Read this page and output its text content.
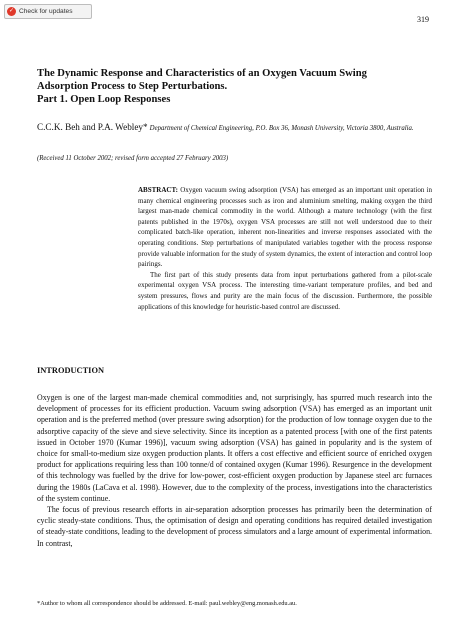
✓ Check for updates
319
The Dynamic Response and Characteristics of an Oxygen Vacuum Swing
Adsorption Process to Step Perturbations.
Part 1. Open Loop Responses
C.C.K. Beh and P.A. Webley* Department of Chemical Engineering, P.O. Box 36, Monash University, Victoria 3800, Australia.
(Received 11 October 2002; revised form accepted 27 February 2003)

ABSTRACT: Oxygen vacuum swing adsorption (VSA) has emerged as an important unit operation in many chemical engineering processes such as iron and aluminium smelting, making oxygen the third largest man-made chemical commodity in the world. Although a mature technology (with the first patents published in the 1970s), oxygen VSA processes are still not well understood due to their complicated batch-like operation, inherent non-linearities and inverse responses associated with the operating conditions. Step perturbations of manipulated variables together with the process response provide valuable information for the study of system dynamics, the extent of interaction and control loop pairings.

The first part of this study presents data from input perturbations gathered from a pilot-scale experimental oxygen VSA process. The interesting time-variant temperature profiles, and bed and system pressures, flows and purity are the main focus of the discussion. Furthermore, the possible applications of this knowledge for heuristic-based control are discussed.

INTRODUCTION

Oxygen is one of the largest man-made chemical commodities and, not surprisingly, has spurred much research into the development of processes for its efficient production. Vacuum swing adsorption (VSA) has emerged as an important unit operation and is the preferred method (over pressure swing adsorption) for the production of low tonnage oxygen due to the adsorptive capacity of the sieve and sieve selectivity. Since its inception as a patented process [with one of the first patents issued in October 1970 (Kumar 1996)], vacuum swing adsorption (VSA) has gained in popularity and is the system of choice for small-to-medium size oxygen production plants. It offers a cost effective and efficient source of enriched oxygen product for applications requiring less than 100 tonne/d of contained oxygen (Kumar 1996). Resurgence in the development of this technology was fuelled by the drive for low-power, cost-efficient oxygen production by Japanese steel arc furnaces during the 1980s (LaCava et al. 1998). However, due to the complexity of the process, investigations into the characteristics of the system continue.

The focus of previous research efforts in air-separation adsorption processes has primarily been the determination of cyclic steady-state conditions. Thus, the optimisation of design and operating conditions has required detailed investigation of steady-state conditions, leading to the development of process simulators and a large amount of experimental information. In contrast,

*Author to whom all correspondence should be addressed. E-mail: paul.webley@eng.monash.edu.au.
